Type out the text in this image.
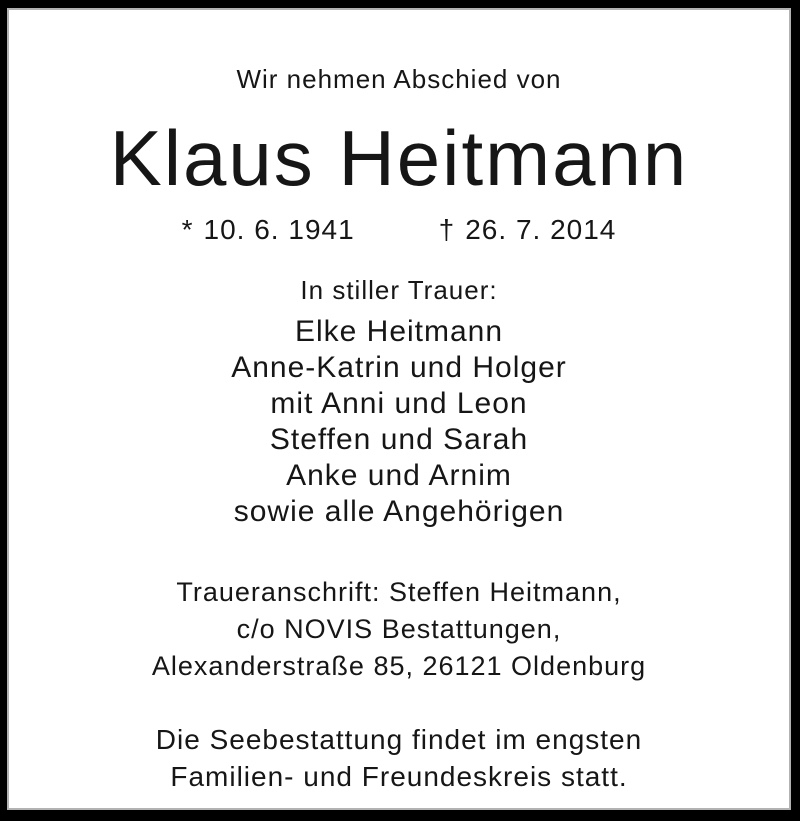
Wir nehmen Abschied von
Klaus Heitmann
* 10. 6. 1941	† 26. 7. 2014
In stiller Trauer:
Elke Heitmann
Anne-Katrin und Holger
mit Anni und Leon
Steffen und Sarah
Anke und Arnim
sowie alle Angehörigen
Traueranschrift: Steffen Heitmann,
c/o NOVIS Bestattungen,
Alexanderstraße 85, 26121 Oldenburg
Die Seebestattung findet im engsten
Familien- und Freundeskreis statt.
